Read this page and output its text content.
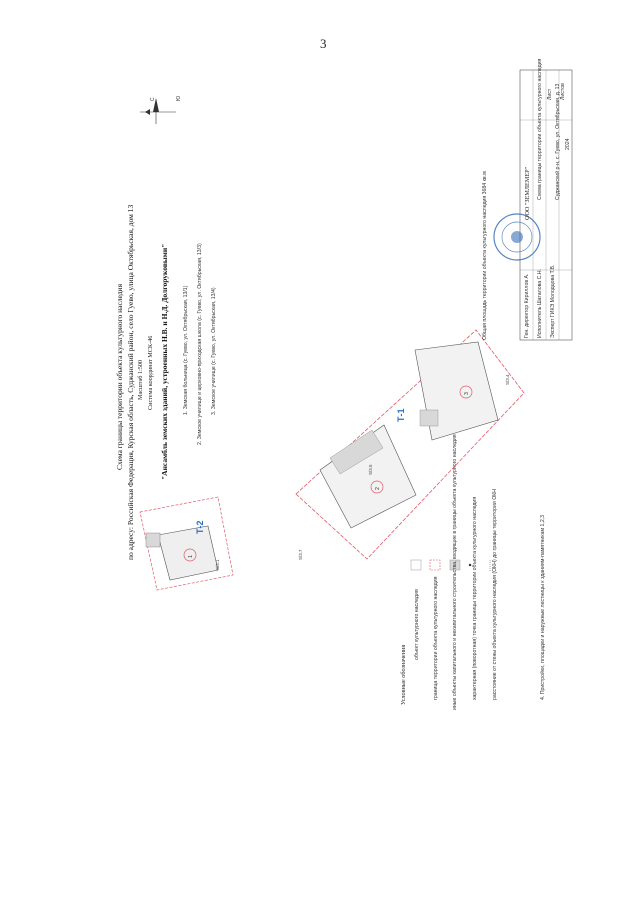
3
Схема границы территории объекта культурного наследия по адресу: Российская Федерация, Курская область, Суджанский район, село Гуево, улица Октябрьская, дом 13 Масштаб 1:500 Система координат МСК-46 "Ансамбль земских зданий, устроенных Н.В. и Н.Д. Долгоруковыми"	1. Земская больница (с. Гуево, ул. Октябрьская, 13/1) 2. Земское училище и церковно-приходская школа (с. Гуево, ул. Октябрьская, 13/3) 3. Земское училище (с. Гуево, ул. Октябрьская, 13/4)
Т-2
Т-1
1
2
3
S/3.1
S/3.5
S/3.4
S/3.7
С	Ю
Условные обозначения
объект культурного наследия	граница территории объекта культурного наследия	иные объекты капитального и некапитального строительства, входящие в границы объекта культурного наследия	характерная (поворотная) точка границы территории объекта культурного наследия	расстояние от стены объекта культурного наследия (ОКН) до границы территории ОКН	4. Пристройки, площадки и наружные лестницы к зданиям-памятникам 1,2,3
ООО "ЗЕМЛЕМЕР"
Общая площадь территории объекта культурного наследия 3684 кв.м	Ген. директор Кириллов А. Исполнитель Шаталова С.Н. Эксперт ГИКЭ Молодцова Т.В.
Схема границы территории объекта культурного наследия Суджанский р-н, с. Гуево, ул. Октябрьская, д. 13
Лист Листов
2024
